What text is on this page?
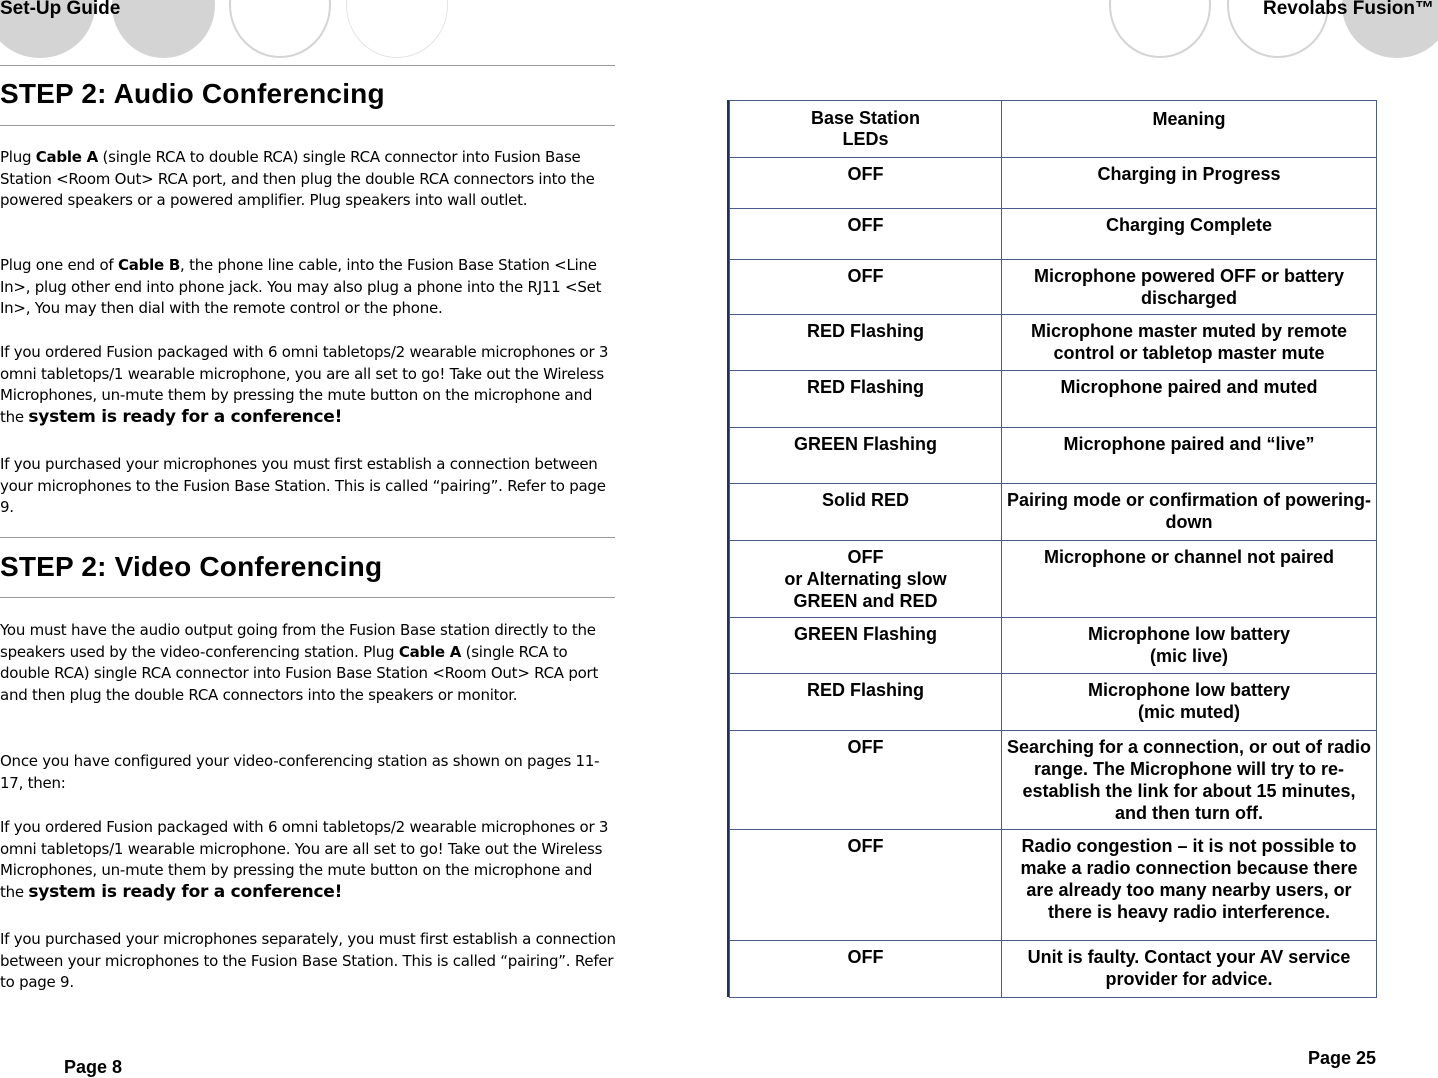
Set-Up Guide	Revolabs Fusion™
STEP 2: Audio Conferencing
Plug Cable A (single RCA to double RCA) single RCA connector into Fusion Base Station <Room Out> RCA port, and then plug the double RCA connectors into the powered speakers or a powered amplifier. Plug speakers into wall outlet.
Plug one end of Cable B, the phone line cable, into the Fusion Base Station <Line In>, plug other end into phone jack. You may also plug a phone into the RJ11 <Set In>, You may then dial with the remote control or the phone.
If you ordered Fusion packaged with 6 omni tabletops/2 wearable microphones or 3 omni tabletops/1 wearable microphone, you are all set to go! Take out the Wireless Microphones, un-mute them by pressing the mute button on the microphone and the system is ready for a conference!
If you purchased your microphones you must first establish a connection between your microphones to the Fusion Base Station. This is called “pairing”. Refer to page 9.
STEP 2: Video Conferencing
You must have the audio output going from the Fusion Base station directly to the speakers used by the video-conferencing station. Plug Cable A (single RCA to double RCA) single RCA connector into Fusion Base Station <Room Out> RCA port and then plug the double RCA connectors into the speakers or monitor.
Once you have configured your video-conferencing station as shown on pages 11-17, then:
If you ordered Fusion packaged with 6 omni tabletops/2 wearable microphones or 3 omni tabletops/1 wearable microphone. You are all set to go! Take out the Wireless Microphones, un-mute them by pressing the mute button on the microphone and the system is ready for a conference!
If you purchased your microphones separately, you must first establish a connection between your microphones to the Fusion Base Station. This is called “pairing”. Refer to page 9.
Page 8	Page 25
Base Station
LEDs	Meaning

OFF	Charging in Progress
OFF	Charging Complete
OFF	Microphone powered OFF or battery discharged
RED Flashing	Microphone master muted by remote control or tabletop master mute
RED Flashing	Microphone paired and muted
GREEN Flashing	Microphone paired and “live”
Solid RED	Pairing mode or confirmation of powering-down
OFF
or Alternating slow
GREEN and RED	Microphone or channel not paired
GREEN Flashing	Microphone low battery
(mic live)
RED Flashing	Microphone low battery
(mic muted)
OFF	Searching for a connection, or out of radio range. The Microphone will try to re-establish the link for about 15 minutes, and then turn off.
OFF	Radio congestion – it is not possible to make a radio connection because there are already too many nearby users, or there is heavy radio interference.
OFF	Unit is faulty. Contact your AV service provider for advice.
